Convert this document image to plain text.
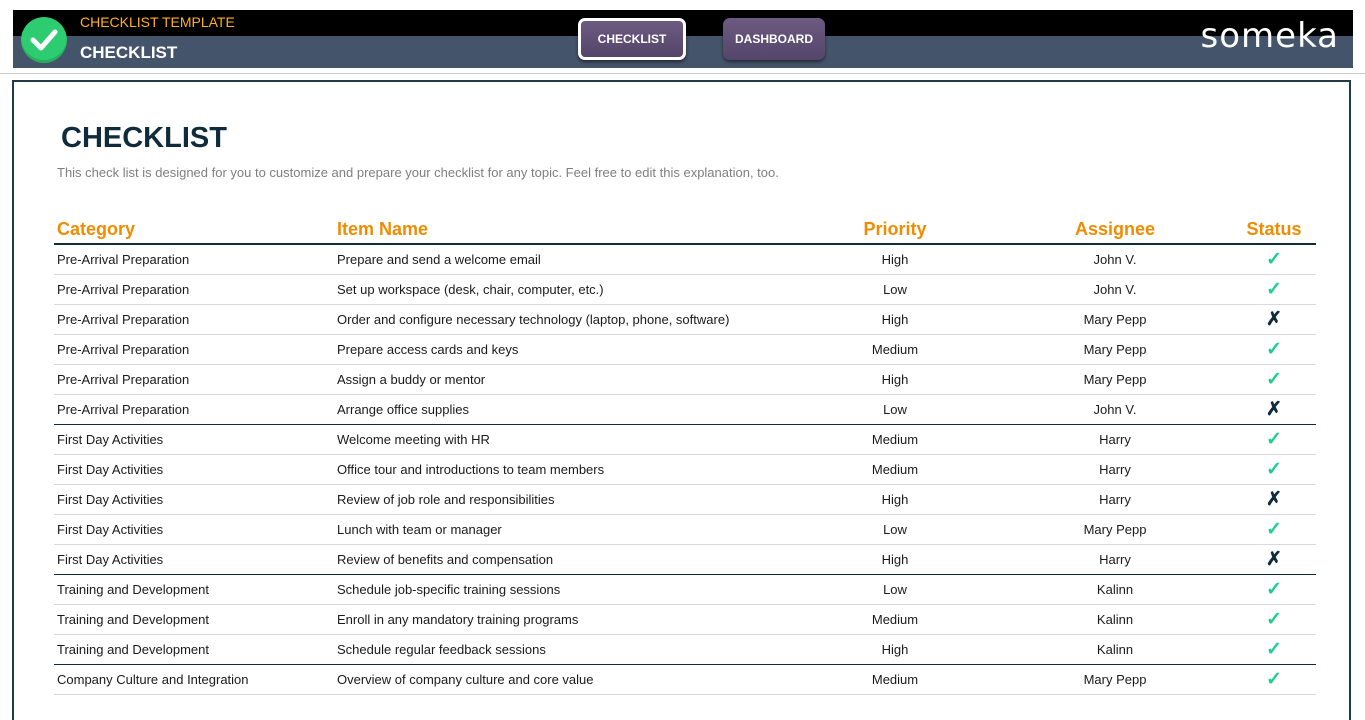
CHECKLIST TEMPLATE
CHECKLIST
CHECKLIST	DASHBOARD	someka
CHECKLIST
This check list is designed for you to customize and prepare your checklist for any topic. Feel free to edit this explanation, too.
Category	Item Name	Priority	Assignee	Status
Pre-Arrival Preparation	Prepare and send a welcome email	High	John V.	✓
Pre-Arrival Preparation	Set up workspace (desk, chair, computer, etc.)	Low	John V.	✓
Pre-Arrival Preparation	Order and configure necessary technology (laptop, phone, software)	High	Mary Pepp	✗
Pre-Arrival Preparation	Prepare access cards and keys	Medium	Mary Pepp	✓
Pre-Arrival Preparation	Assign a buddy or mentor	High	Mary Pepp	✓
Pre-Arrival Preparation	Arrange office supplies	Low	John V.	✗
First Day Activities	Welcome meeting with HR	Medium	Harry	✓
First Day Activities	Office tour and introductions to team members	Medium	Harry	✓
First Day Activities	Review of job role and responsibilities	High	Harry	✗
First Day Activities	Lunch with team or manager	Low	Mary Pepp	✓
First Day Activities	Review of benefits and compensation	High	Harry	✗
Training and Development	Schedule job-specific training sessions	Low	Kalinn	✓
Training and Development	Enroll in any mandatory training programs	Medium	Kalinn	✓
Training and Development	Schedule regular feedback sessions	High	Kalinn	✓
Company Culture and Integration	Overview of company culture and core value	Medium	Mary Pepp	✓
